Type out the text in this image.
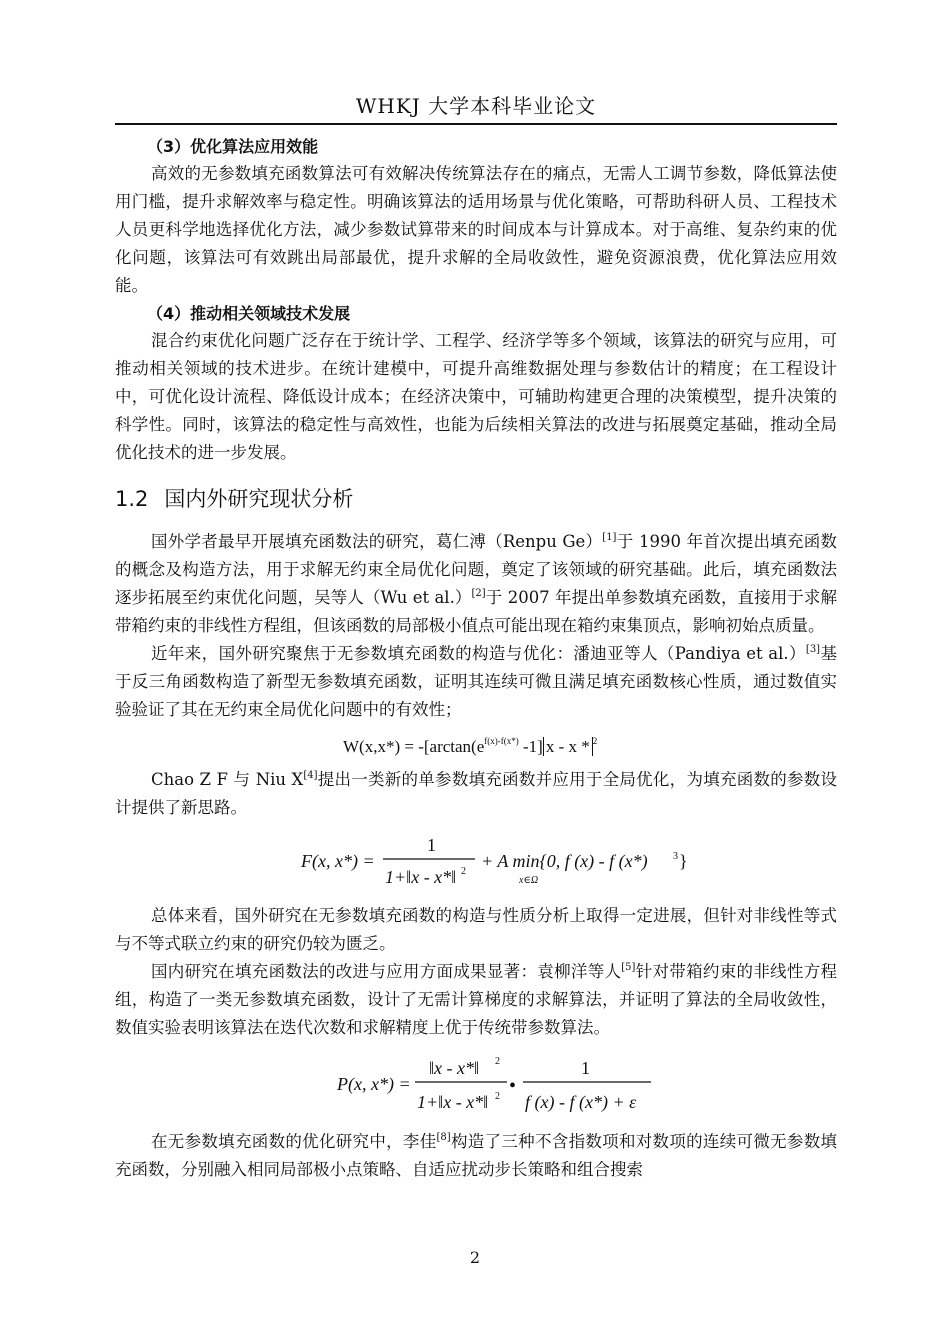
WHKJ 大学本科毕业论文
（3）优化算法应用效能

高效的无参数填充函数算法可有效解决传统算法存在的痛点，无需人工调节参数，降低算法使用门槛，提升求解效率与稳定性。明确该算法的适用场景与优化策略，可帮助科研人员、工程技术人员更科学地选择优化方法，减少参数试算带来的时间成本与计算成本。对于高维、复杂约束的优化问题，该算法可有效跳出局部最优，提升求解的全局收敛性，避免资源浪费，优化算法应用效能。

（4）推动相关领域技术发展

混合约束优化问题广泛存在于统计学、工程学、经济学等多个领域，该算法的研究与应用，可推动相关领域的技术进步。在统计建模中，可提升高维数据处理与参数估计的精度；在工程设计中，可优化设计流程、降低设计成本；在经济决策中，可辅助构建更合理的决策模型，提升决策的科学性。同时，该算法的稳定性与高效性，也能为后续相关算法的改进与拓展奠定基础，推动全局优化技术的进一步发展。

1.2 国内外研究现状分析

国外学者最早开展填充函数法的研究，葛仁溥（Renpu Ge）[1]于 1990 年首次提出填充函数的概念及构造方法，用于求解无约束全局优化问题，奠定了该领域的研究基础。此后，填充函数法逐步拓展至约束优化问题，吴等人（Wu et al.）[2]于 2007 年提出单参数填充函数，直接用于求解带箱约束的非线性方程组，但该函数的局部极小值点可能出现在箱约束集顶点，影响初始点质量。

近年来，国外研究聚焦于无参数填充函数的构造与优化：潘迪亚等人（Pandiya et al.）[3]基于反三角函数构造了新型无参数填充函数，证明其连续可微且满足填充函数核心性质，通过数值实验验证了其在无约束全局优化问题中的有效性；

$W(x,x*) = -[\arctan(e^{f(x)-f(x*)}$ -1] x - x * $^2$

Chao Z F 与 Niu X[4]提出一类新的单参数填充函数并应用于全局优化，为填充函数的参数设计提供了新思路。

F(x, x*) =
1
1+‖x - x*‖ 2
+ A min{0, f (x) - f (x*)
x∈Ω
3 }

总体来看，国外研究在无参数填充函数的构造与性质分析上取得一定进展，但针对非线性等式与不等式联立约束的研究仍较为匮乏。

国内研究在填充函数法的改进与应用方面成果显著：袁柳洋等人[5]针对带箱约束的非线性方程组，构造了一类无参数填充函数，设计了无需计算梯度的求解算法，并证明了算法的全局收敛性，数值实验表明该算法在迭代次数和求解精度上优于传统带参数算法。

P(x, x*) =
‖x - x*‖ 2
1+‖x - x*‖ 2 •
1
f (x) - f (x*) + ε

在无参数填充函数的优化研究中，李佳[8]构造了三种不含指数项和对数项的连续可微无参数填充函数，分别融入相同局部极小点策略、自适应扰动步长策略和组合搜索

2
